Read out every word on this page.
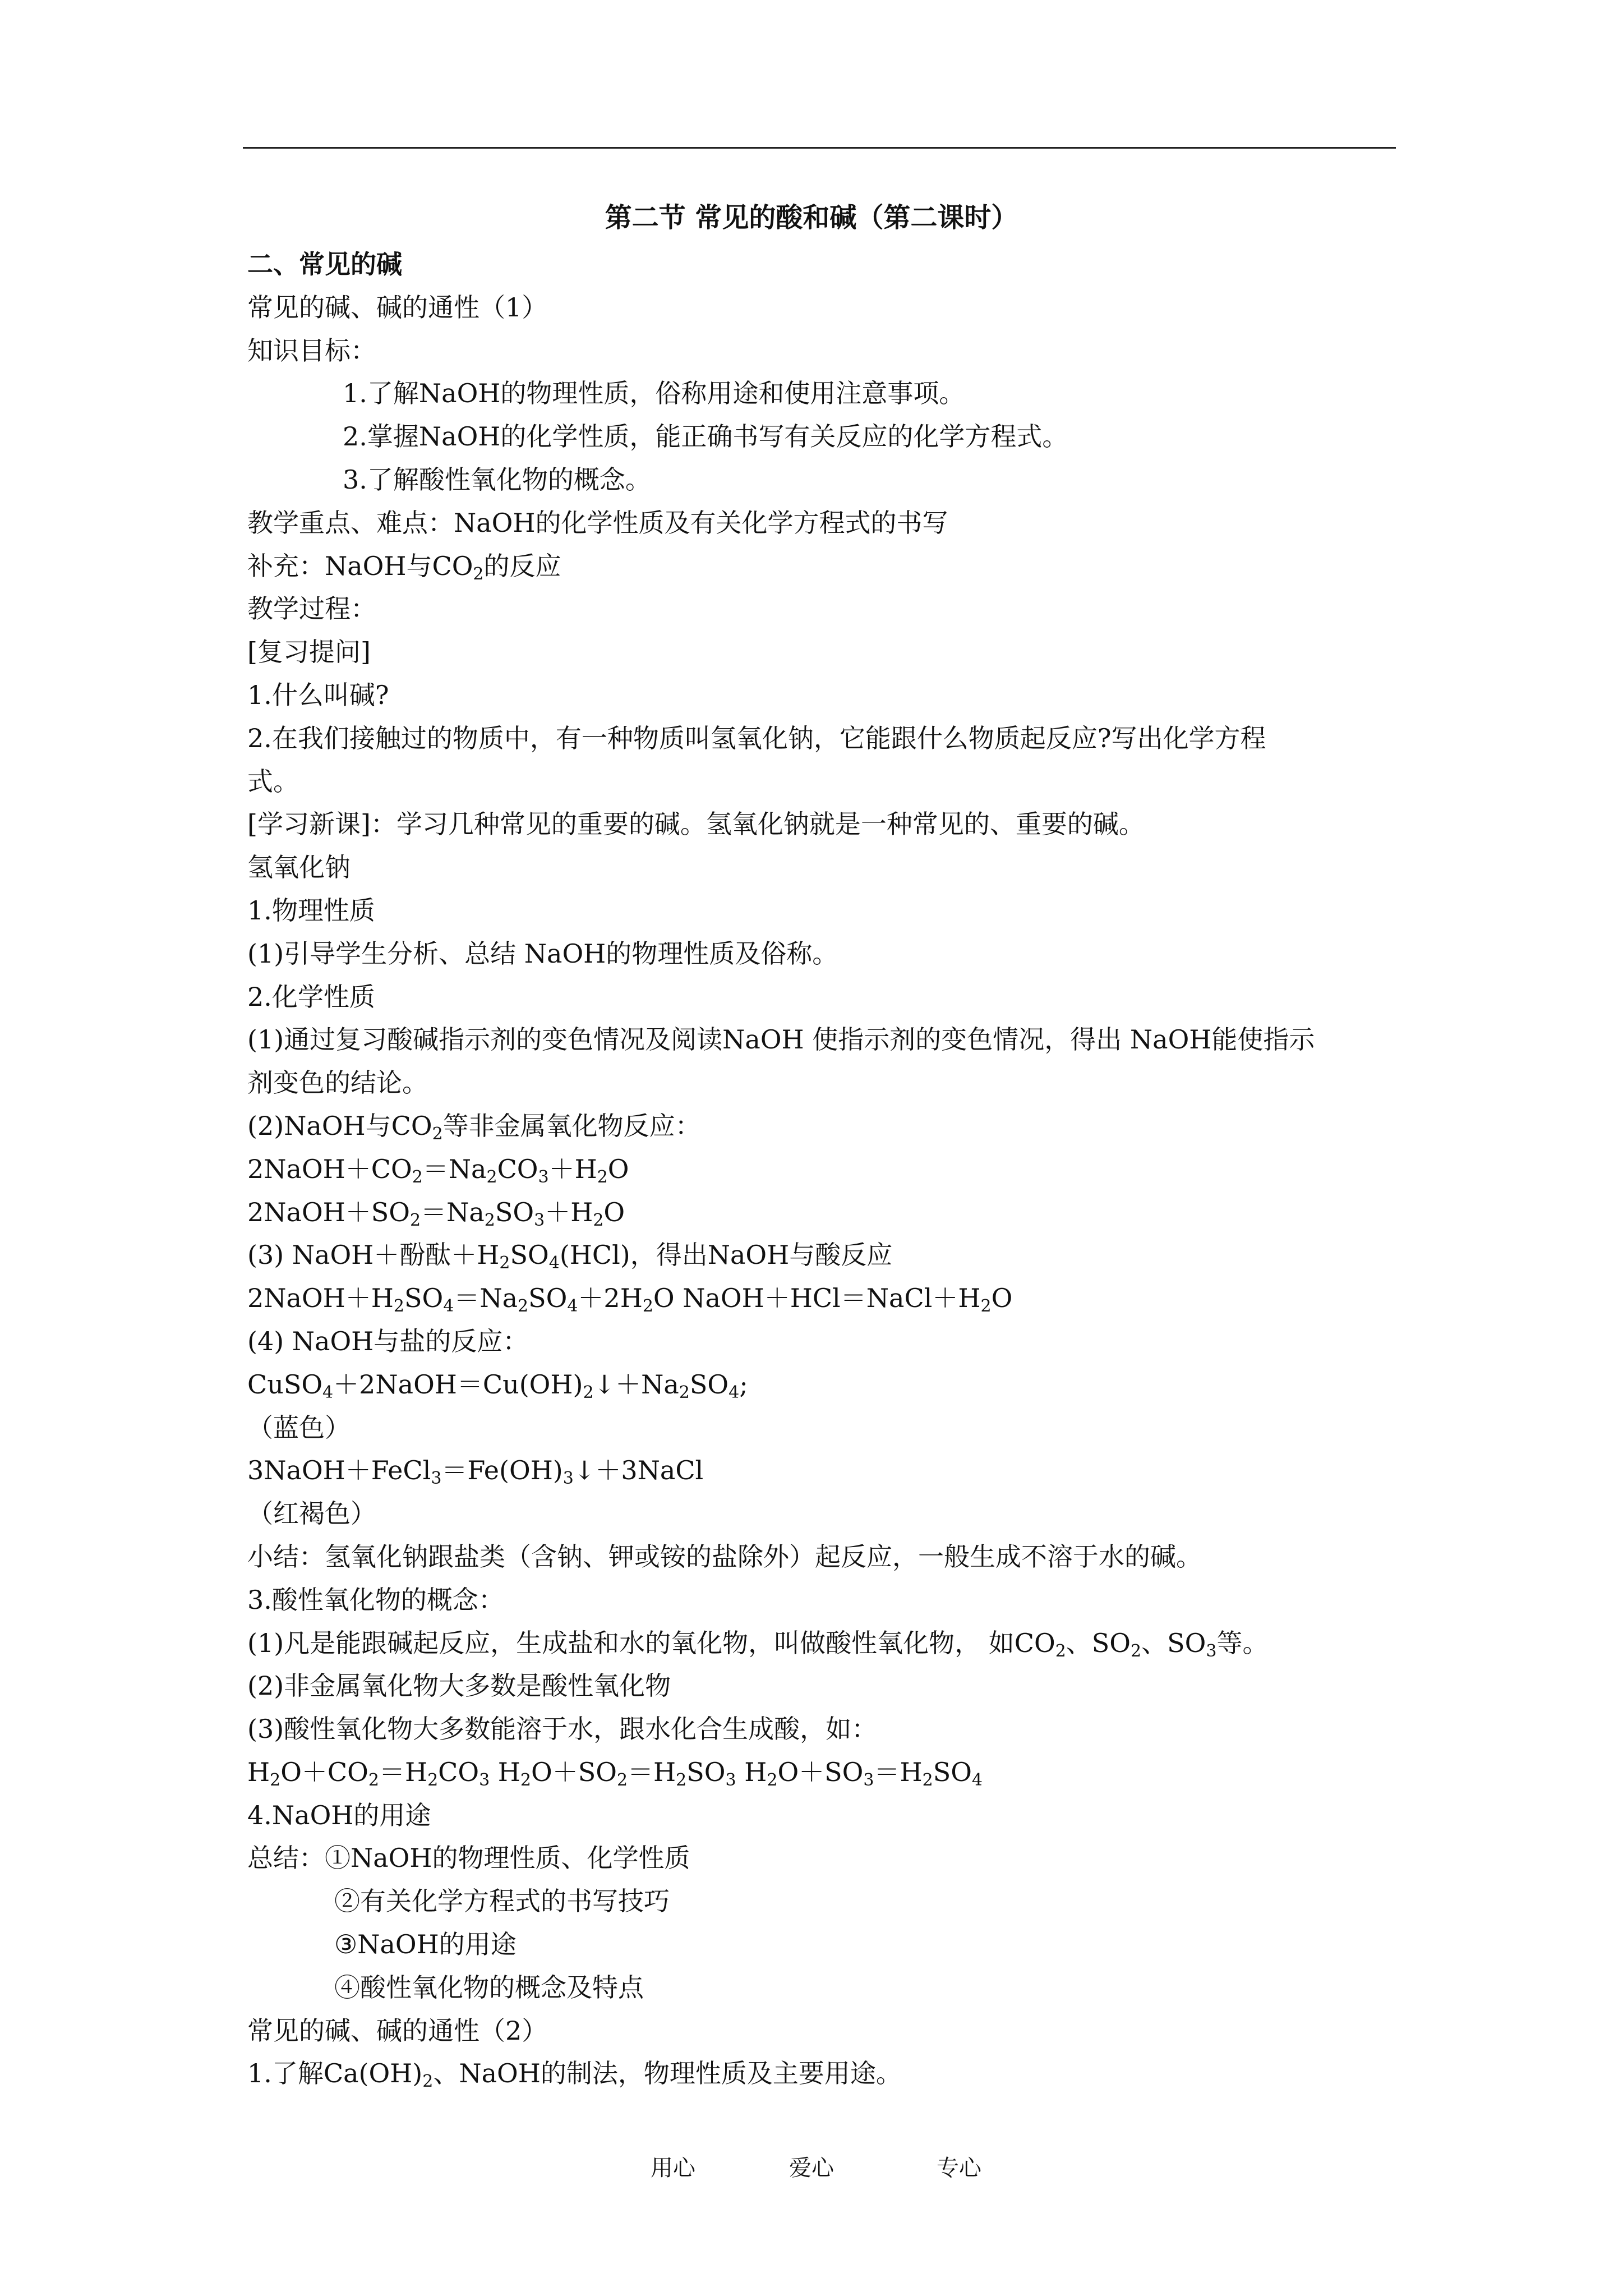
第二节 常见的酸和碱（第二课时）
二、常见的碱
常见的碱、碱的通性（1）
知识目标：
1.了解NaOH的物理性质，俗称用途和使用注意事项。
2.掌握NaOH的化学性质，能正确书写有关反应的化学方程式。
3.了解酸性氧化物的概念。
教学重点、难点：NaOH的化学性质及有关化学方程式的书写
补充：NaOH与$CO_2$的反应
教学过程：
[复习提问]
1.什么叫碱?
2.在我们接触过的物质中，有一种物质叫氢氧化钠，它能跟什么物质起反应?写出化学方程
式。
[学习新课]：学习几种常见的重要的碱。氢氧化钠就是一种常见的、重要的碱。
氢氧化钠
1.物理性质
(1)引导学生分析、总结 NaOH的物理性质及俗称。
2.化学性质
(1)通过复习酸碱指示剂的变色情况及阅读NaOH 使指示剂的变色情况，得出 NaOH能使指示
剂变色的结论。
(2)NaOH与$CO_2$等非金属氧化物反应：
$2NaOH+CO_2=Na_2CO_3+H_2O$
$2NaOH+SO_2=Na_2SO_3+H_2O$
(3) NaOH＋酚酞$+H_2SO_4(HCl)$，得出NaOH与酸反应
$2NaOH+H_2SO_4=Na_2SO_4+2H_2O$ $NaOH+HCl=NaCl+H_2O$
(4) NaOH与盐的反应：
$CuSO_4+2NaOH=Cu(OH)_2↓+Na_2SO_4$;
（蓝色）
$3NaOH+FeCl_3=Fe(OH)_3↓+3NaCl$
（红褐色）
小结：氢氧化钠跟盐类（含钠、钾或铵的盐除外）起反应，一般生成不溶于水的碱。
3.酸性氧化物的概念：
(1)凡是能跟碱起反应，生成盐和水的氧化物，叫做酸性氧化物， 如$CO_2$、$SO_2$、$SO_3$等。
(2)非金属氧化物大多数是酸性氧化物
(3)酸性氧化物大多数能溶于水，跟水化合生成酸，如：
$H_2O+CO_2=H_2CO_3$ $H_2O+SO_2=H_2SO_3$ $H_2O+SO_3=H_2SO_4$
4.NaOH的用途
总结：①NaOH的物理性质、化学性质
②有关化学方程式的书写技巧
③NaOH的用途
④酸性氧化物的概念及特点
常见的碱、碱的通性（2）
1.了解$Ca(OH)_2$、NaOH的制法，物理性质及主要用途。
用心	爱心	专心
